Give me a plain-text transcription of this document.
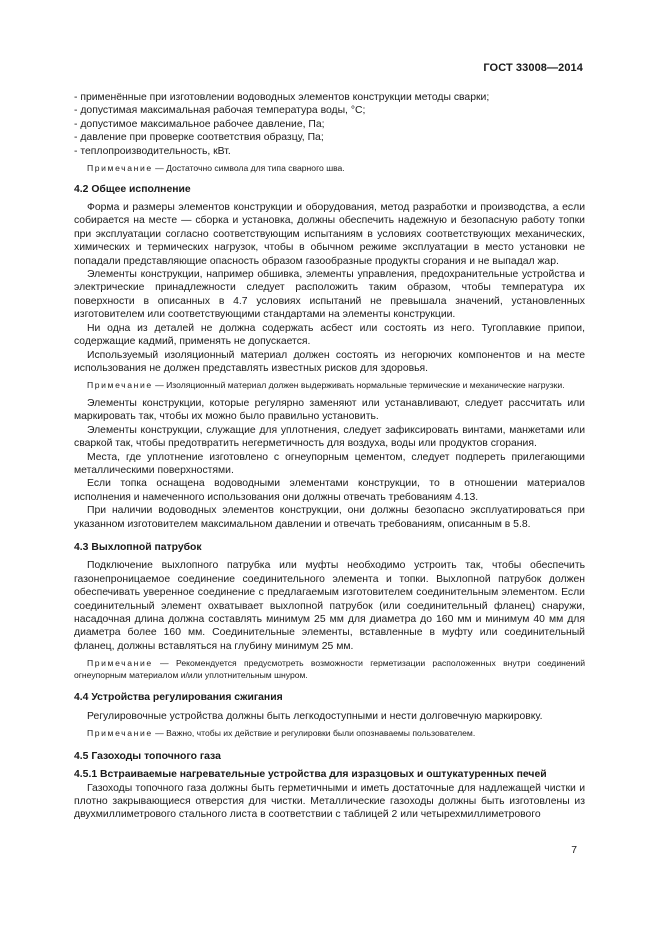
ГОСТ 33008—2014
- применённые при изготовлении водоводных элементов конструкции методы сварки;
- допустимая максимальная рабочая температура воды, °С;
- допустимое максимальное рабочее давление, Па;
- давление при проверке соответствия образцу, Па;
- теплопроизводительность, кВт.

Примечание — Достаточно символа для типа сварного шва.

4.2 Общее исполнение

Форма и размеры элементов конструкции и оборудования, метод разработки и производства, а если собирается на месте — сборка и установка, должны обеспечить надежную и безопасную работу топки при эксплуатации согласно соответствующим испытаниям в условиях соответствующих механических, химических и термических нагрузок, чтобы в обычном режиме эксплуатации в место установки не попадали представляющие опасность образом газообразные продукты сгорания и не выпадал жар.

Элементы конструкции, например обшивка, элементы управления, предохранительные устройства и электрические принадлежности следует расположить таким образом, чтобы температура их поверхности в описанных в 4.7 условиях испытаний не превышала значений, установленных изготовителем или соответствующими стандартами на элементы конструкции.

Ни одна из деталей не должна содержать асбест или состоять из него. Тугоплавкие припои, содержащие кадмий, применять не допускается.

Используемый изоляционный материал должен состоять из негорючих компонентов и на месте использования не должен представлять известных рисков для здоровья.

Примечание — Изоляционный материал должен выдерживать нормальные термические и механические нагрузки.

Элементы конструкции, которые регулярно заменяют или устанавливают, следует рассчитать или маркировать так, чтобы их можно было правильно установить.

Элементы конструкции, служащие для уплотнения, следует зафиксировать винтами, манжетами или сваркой так, чтобы предотвратить негерметичность для воздуха, воды или продуктов сгорания.

Места, где уплотнение изготовлено с огнеупорным цементом, следует подпереть прилегающими металлическими поверхностями.

Если топка оснащена водоводными элементами конструкции, то в отношении материалов исполнения и намеченного использования они должны отвечать требованиям 4.13.

При наличии водоводных элементов конструкции, они должны безопасно эксплуатироваться при указанном изготовителем максимальном давлении и отвечать требованиям, описанным в 5.8.

4.3 Выхлопной патрубок

Подключение выхлопного патрубка или муфты необходимо устроить так, чтобы обеспечить газонепроницаемое соединение соединительного элемента и топки. Выхлопной патрубок должен обеспечивать уверенное соединение с предлагаемым изготовителем соединительным элементом. Если соединительный элемент охватывает выхлопной патрубок (или соединительный фланец) снаружи, насадочная длина должна составлять минимум 25 мм для диаметра до 160 мм и минимум 40 мм для диаметра более 160 мм. Соединительные элементы, вставленные в муфту или соединительный фланец, должны вставляться на глубину минимум 25 мм.

Примечание — Рекомендуется предусмотреть возможности герметизации расположенных внутри соединений огнеупорным материалом и/или уплотнительным шнуром.

4.4 Устройства регулирования сжигания

Регулировочные устройства должны быть легкодоступными и нести долговечную маркировку.

Примечание — Важно, чтобы их действие и регулировки были опознаваемы пользователем.

4.5 Газоходы топочного газа

4.5.1 Встраиваемые нагревательные устройства для изразцовых и оштукатуренных печей

Газоходы топочного газа должны быть герметичными и иметь достаточные для надлежащей чистки и плотно закрывающиеся отверстия для чистки. Металлические газоходы должны быть изготовлены из двухмиллиметрового стального листа в соответствии с таблицей 2 или четырехмиллиметрового

7
